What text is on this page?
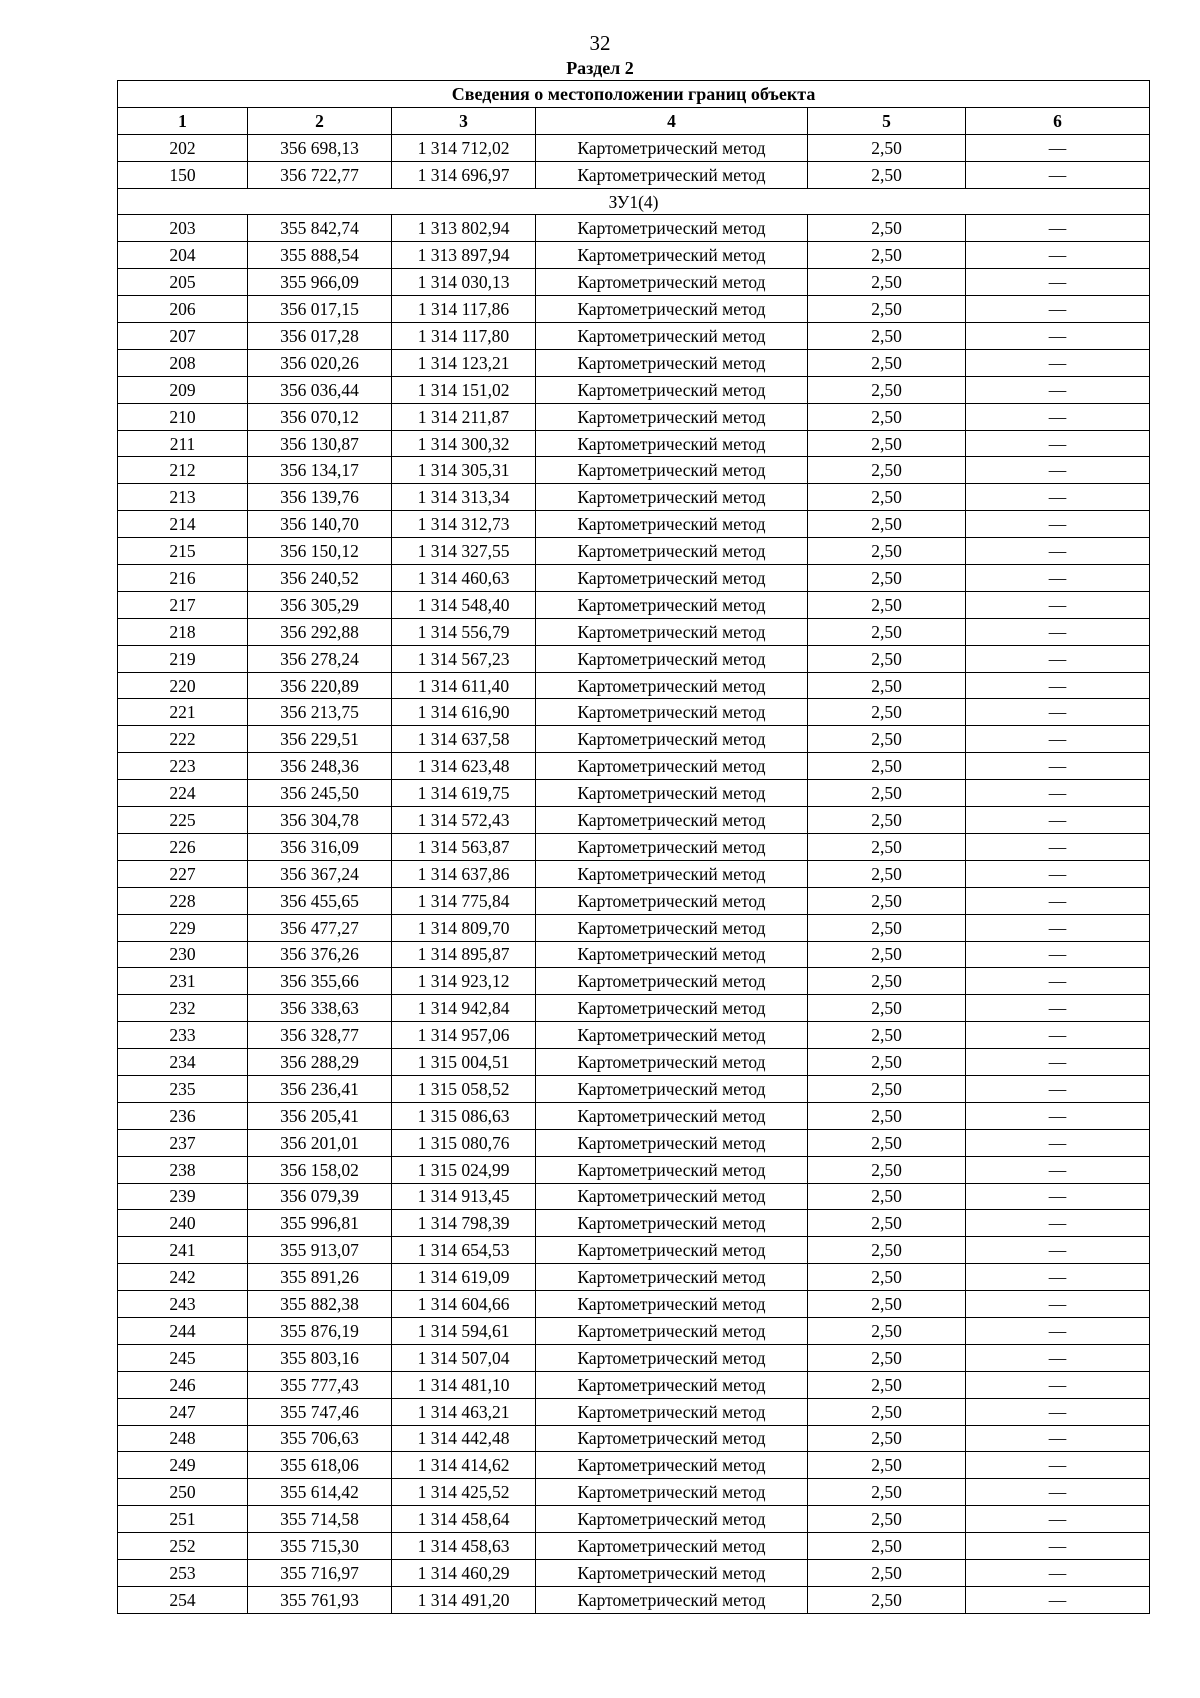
32
Раздел 2
Сведения о местоположении границ объекта					
1	2	3	4	5	6
202	356 698,13	1 314 712,02	Картометрический метод	2,50	—
150	356 722,77	1 314 696,97	Картометрический метод	2,50	—
ЗУ1(4)					
203	355 842,74	1 313 802,94	Картометрический метод	2,50	—
204	355 888,54	1 313 897,94	Картометрический метод	2,50	—
205	355 966,09	1 314 030,13	Картометрический метод	2,50	—
206	356 017,15	1 314 117,86	Картометрический метод	2,50	—
207	356 017,28	1 314 117,80	Картометрический метод	2,50	—
208	356 020,26	1 314 123,21	Картометрический метод	2,50	—
209	356 036,44	1 314 151,02	Картометрический метод	2,50	—
210	356 070,12	1 314 211,87	Картометрический метод	2,50	—
211	356 130,87	1 314 300,32	Картометрический метод	2,50	—
212	356 134,17	1 314 305,31	Картометрический метод	2,50	—
213	356 139,76	1 314 313,34	Картометрический метод	2,50	—
214	356 140,70	1 314 312,73	Картометрический метод	2,50	—
215	356 150,12	1 314 327,55	Картометрический метод	2,50	—
216	356 240,52	1 314 460,63	Картометрический метод	2,50	—
217	356 305,29	1 314 548,40	Картометрический метод	2,50	—
218	356 292,88	1 314 556,79	Картометрический метод	2,50	—
219	356 278,24	1 314 567,23	Картометрический метод	2,50	—
220	356 220,89	1 314 611,40	Картометрический метод	2,50	—
221	356 213,75	1 314 616,90	Картометрический метод	2,50	—
222	356 229,51	1 314 637,58	Картометрический метод	2,50	—
223	356 248,36	1 314 623,48	Картометрический метод	2,50	—
224	356 245,50	1 314 619,75	Картометрический метод	2,50	—
225	356 304,78	1 314 572,43	Картометрический метод	2,50	—
226	356 316,09	1 314 563,87	Картометрический метод	2,50	—
227	356 367,24	1 314 637,86	Картометрический метод	2,50	—
228	356 455,65	1 314 775,84	Картометрический метод	2,50	—
229	356 477,27	1 314 809,70	Картометрический метод	2,50	—
230	356 376,26	1 314 895,87	Картометрический метод	2,50	—
231	356 355,66	1 314 923,12	Картометрический метод	2,50	—
232	356 338,63	1 314 942,84	Картометрический метод	2,50	—
233	356 328,77	1 314 957,06	Картометрический метод	2,50	—
234	356 288,29	1 315 004,51	Картометрический метод	2,50	—
235	356 236,41	1 315 058,52	Картометрический метод	2,50	—
236	356 205,41	1 315 086,63	Картометрический метод	2,50	—
237	356 201,01	1 315 080,76	Картометрический метод	2,50	—
238	356 158,02	1 315 024,99	Картометрический метод	2,50	—
239	356 079,39	1 314 913,45	Картометрический метод	2,50	—
240	355 996,81	1 314 798,39	Картометрический метод	2,50	—
241	355 913,07	1 314 654,53	Картометрический метод	2,50	—
242	355 891,26	1 314 619,09	Картометрический метод	2,50	—
243	355 882,38	1 314 604,66	Картометрический метод	2,50	—
244	355 876,19	1 314 594,61	Картометрический метод	2,50	—
245	355 803,16	1 314 507,04	Картометрический метод	2,50	—
246	355 777,43	1 314 481,10	Картометрический метод	2,50	—
247	355 747,46	1 314 463,21	Картометрический метод	2,50	—
248	355 706,63	1 314 442,48	Картометрический метод	2,50	—
249	355 618,06	1 314 414,62	Картометрический метод	2,50	—
250	355 614,42	1 314 425,52	Картометрический метод	2,50	—
251	355 714,58	1 314 458,64	Картометрический метод	2,50	—
252	355 715,30	1 314 458,63	Картометрический метод	2,50	—
253	355 716,97	1 314 460,29	Картометрический метод	2,50	—
254	355 761,93	1 314 491,20	Картометрический метод	2,50	—
